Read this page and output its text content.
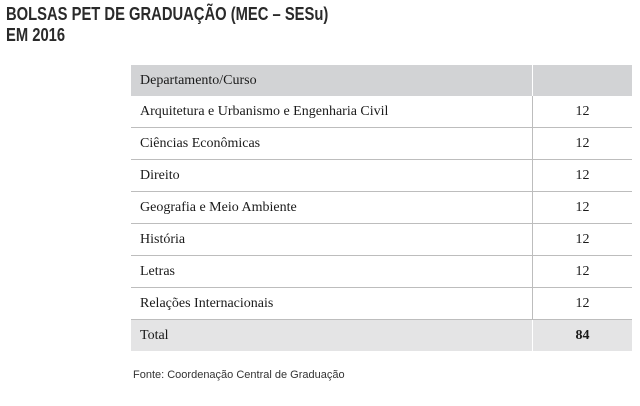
BOLSAS PET DE GRADUAÇÃO (MEC – SESu)
EM 2016
Departamento/Curso	
Arquitetura e Urbanismo e Engenharia Civil	12
Ciências Econômicas	12
Direito	12
Geografia e Meio Ambiente	12
História	12
Letras	12
Relações Internacionais	12
Total	84
Fonte: Coordenação Central de Graduação
